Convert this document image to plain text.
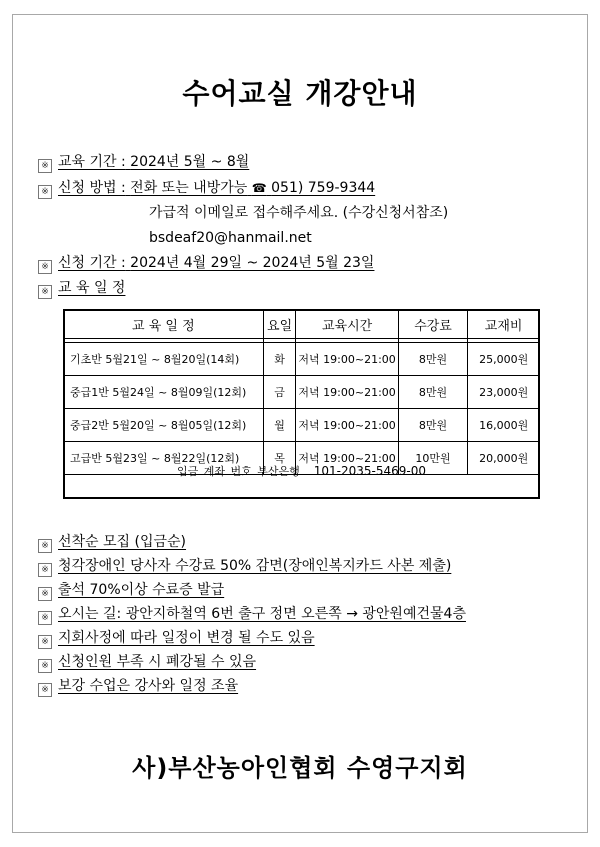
수어교실 개강안내
※ 교육 기간 : 2024년 5월 ~ 8월
※ 신청 방법 : 전화 또는 내방가능 ☎ 051) 759-9344
가급적 이메일로 접수해주세요. (수강신청서참조)
bsdeaf20@hanmail.net
※ 신청 기간 : 2024년 4월 29일 ~ 2024년 5월 23일
※ 교 육 일 정
교 육 일 정	요일	교육시간	수강료	교재비

기초반 5월21일 ~ 8월20일(14회)	화	저녁 19:00~21:00	8만원	25,000원
중급1반 5월24일 ~ 8월09일(12회)	금	저녁 19:00~21:00	8만원	23,000원
중급2반 5월20일 ~ 8월05일(12회)	월	저녁 19:00~21:00	8만원	16,000원
고급반 5월23일 ~ 8월22일(12회)	목	저녁 19:00~21:00	10만원	20,000원
입금 계좌 번호 부산은행 101-2035-5469-00
※ 선착순 모집 (입금순)
※ 청각장애인 당사자 수강료 50% 감면(장애인복지카드 사본 제출)
※ 출석 70%이상 수료증 발급
※ 오시는 길: 광안지하철역 6번 출구 정면 오른쪽 → 광안원예건물4층
※ 지회사정에 따라 일정이 변경 될 수도 있음
※ 신청인원 부족 시 폐강될 수 있음
※ 보강 수업은 강사와 일정 조율
사)부산농아인협회 수영구지회
